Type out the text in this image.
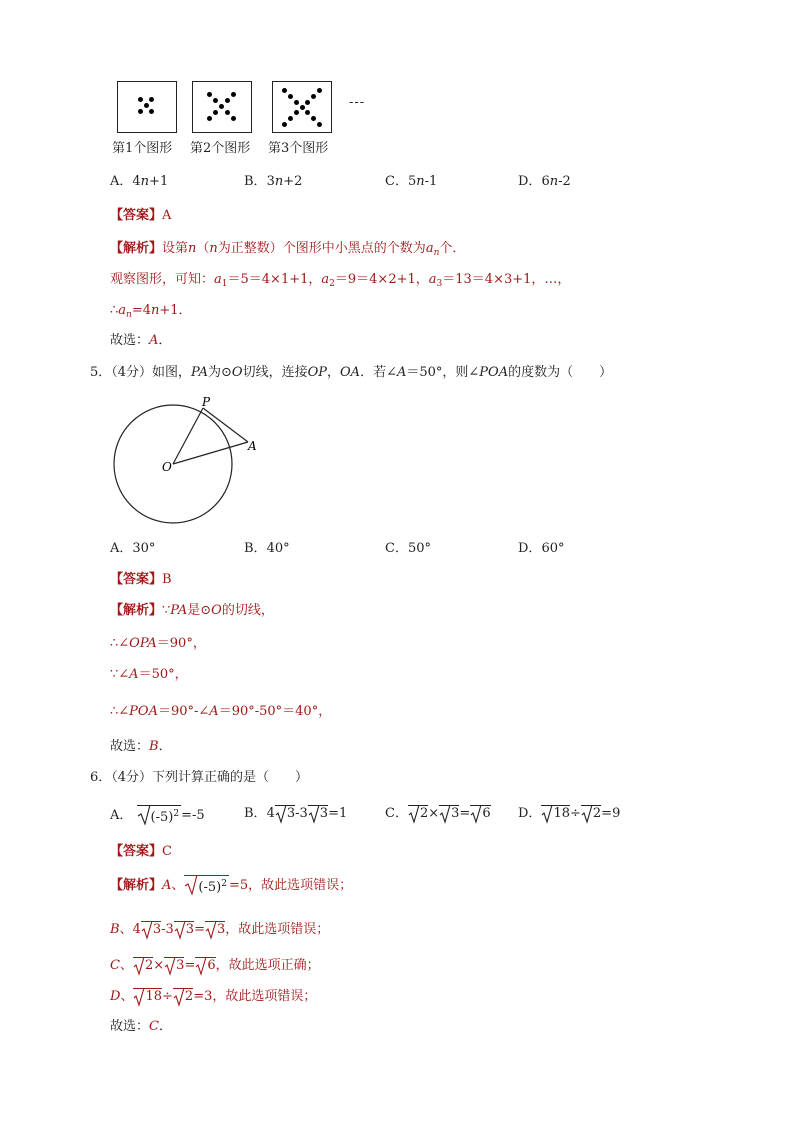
---
第1个图形 第2个图形 第3个图形
A．4n+1	B．3n+2	C．5n-1	D．6n-2
【答案】A
【解析】设第n（n为正整数）个图形中小黑点的个数为$a_n$个．
观察图形，可知：$a_1=5=4\times 1+1$，$a_2=9=4\times 2+1$，$a_3=13=4\times 3+1$，…，
$\therefore a_n=4n+1$．
故选：A．
5．（4分）如图，PA为⊙O切线，连接OP，OA．若∠A＝50°，则∠POA的度数为（　　）
P
A
O
A．30°	B．40°	C．50°	D．60°
【答案】B
【解析】∵PA是⊙O的切线，
∴∠OPA＝90°，
∵∠A＝50°，
∴∠POA＝90°-∠A＝90°-50°＝40°，
故选：B．
6．（4分）下列计算正确的是（　　）
A． $(-5)^2 =-5$	B．4 3-3 3=1	C． 2× 3= 6 D． 18÷ 2=9
【答案】C
【解析】A、 $(-5)^2 =5$，故此选项错误；
B、4 3-3 3= 3，故此选项错误；
C、 2× 3= 6，故此选项正确；
D、 18÷ 2=3，故此选项错误；
故选：C．
